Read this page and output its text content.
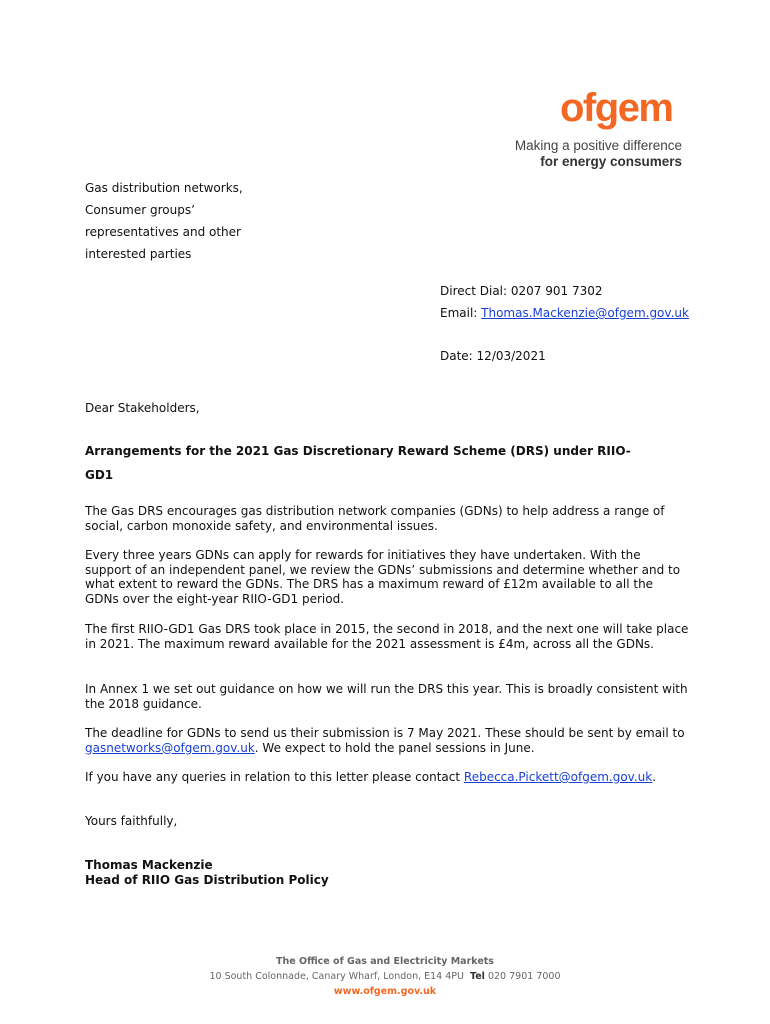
ofgem
Making a positive difference
for energy consumers
Gas distribution networks,
Consumer groups’
representatives and other
interested parties
Direct Dial: 0207 901 7302
Email: Thomas.Mackenzie@ofgem.gov.uk
Date: 12/03/2021
Dear Stakeholders,
Arrangements for the 2021 Gas Discretionary Reward Scheme (DRS) under RIIO-
GD1
The Gas DRS encourages gas distribution network companies (GDNs) to help address a range of social, carbon monoxide safety, and environmental issues.
Every three years GDNs can apply for rewards for initiatives they have undertaken. With the support of an independent panel, we review the GDNs’ submissions and determine whether and to what extent to reward the GDNs. The DRS has a maximum reward of £12m available to all the GDNs over the eight-year RIIO-GD1 period.
The first RIIO-GD1 Gas DRS took place in 2015, the second in 2018, and the next one will take place in 2021. The maximum reward available for the 2021 assessment is £4m, across all the GDNs.
In Annex 1 we set out guidance on how we will run the DRS this year. This is broadly consistent with the 2018 guidance.
The deadline for GDNs to send us their submission is 7 May 2021. These should be sent by email to gasnetworks@ofgem.gov.uk. We expect to hold the panel sessions in June.
If you have any queries in relation to this letter please contact Rebecca.Pickett@ofgem.gov.uk.
Yours faithfully,
Thomas Mackenzie
Head of RIIO Gas Distribution Policy
The Office of Gas and Electricity Markets
10 South Colonnade, Canary Wharf, London, E14 4PU Tel 020 7901 7000
www.ofgem.gov.uk
